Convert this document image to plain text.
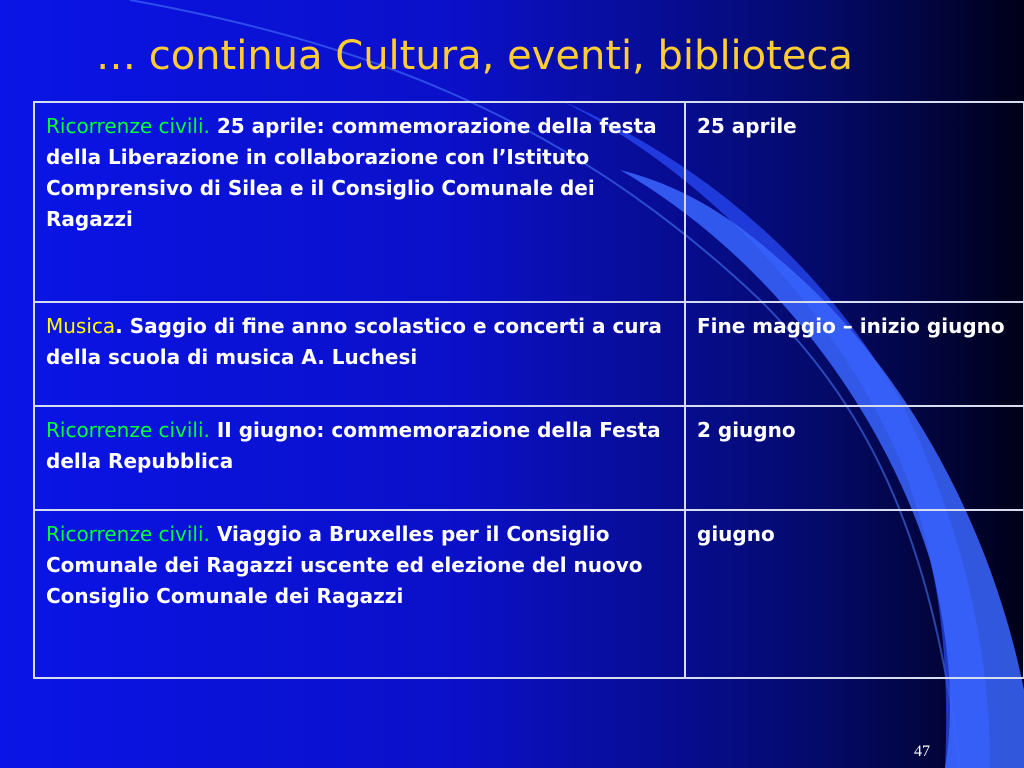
… continua Cultura, eventi, biblioteca
Ricorrenze civili. 25 aprile: commemorazione della festa della Liberazione in collaborazione con l’Istituto Comprensivo di Silea e il Consiglio Comunale dei Ragazzi	25 aprile
Musica. Saggio di fine anno scolastico e concerti a cura della scuola di musica A. Luchesi	Fine maggio – inizio giugno
Ricorrenze civili. II giugno: commemorazione della Festa della Repubblica	2 giugno
Ricorrenze civili. Viaggio a Bruxelles per il Consiglio Comunale dei Ragazzi uscente ed elezione del nuovo Consiglio Comunale dei Ragazzi	giugno
47
